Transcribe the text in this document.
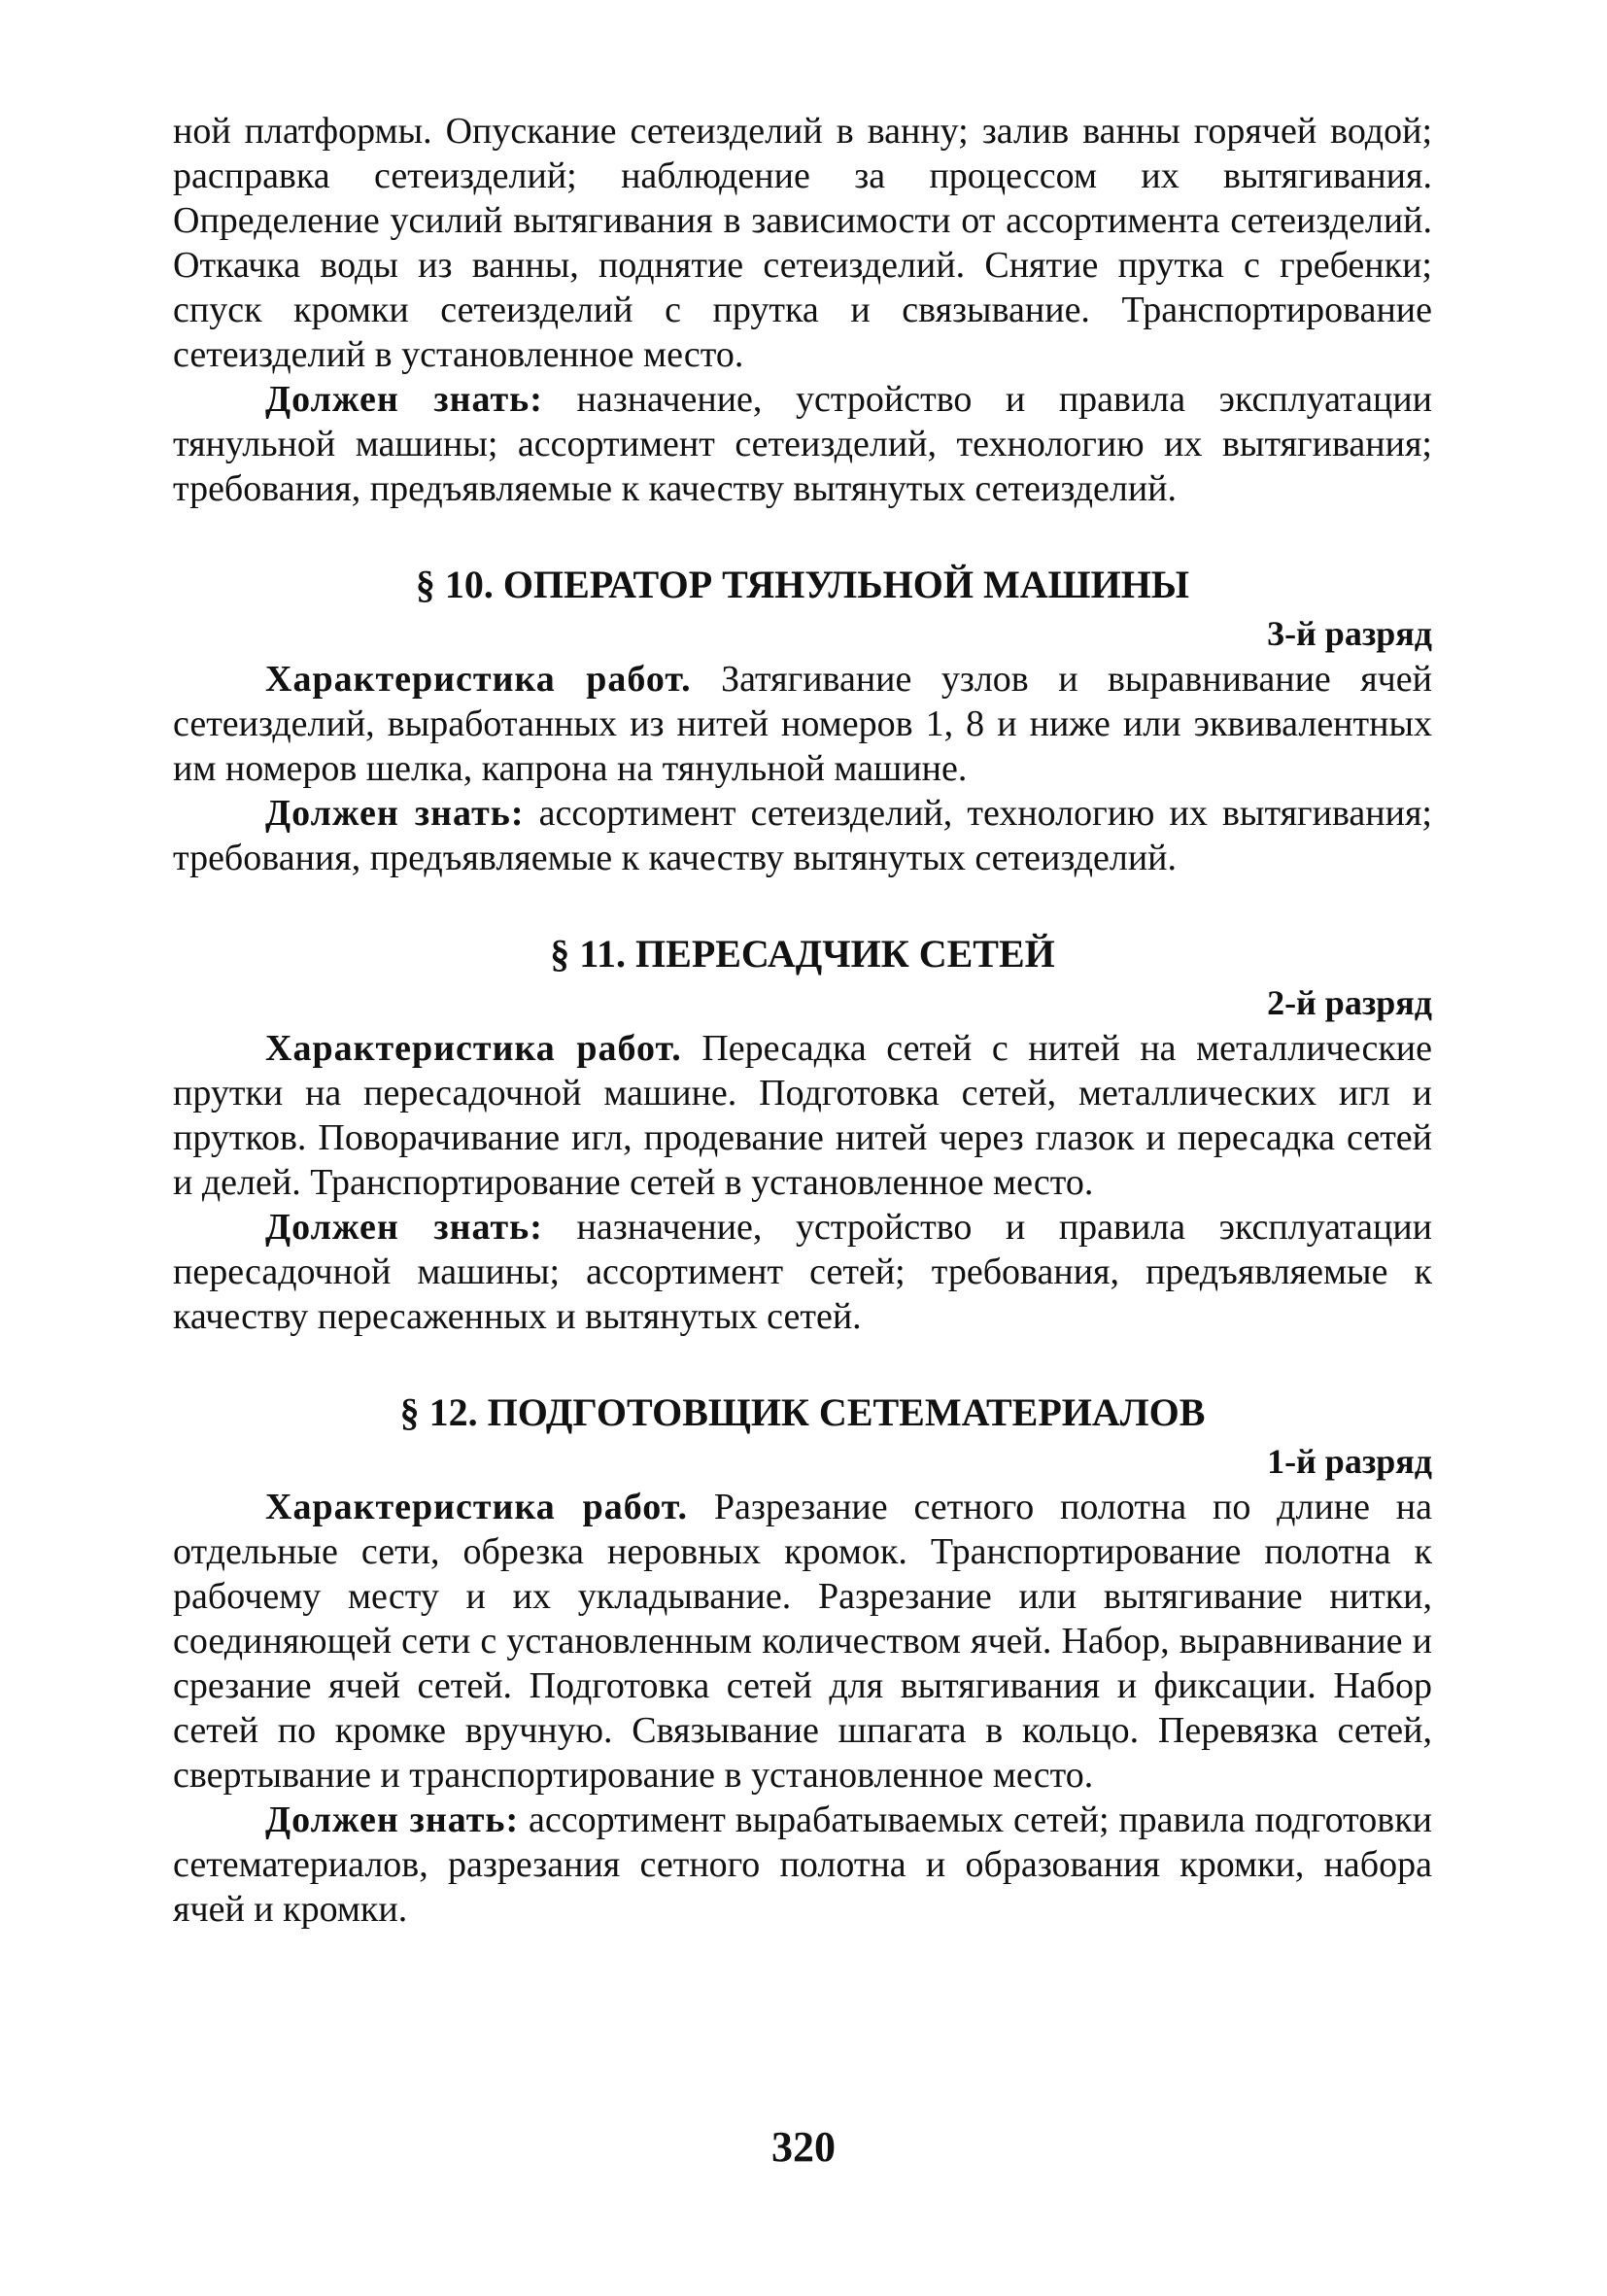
ной платформы. Опускание сетеизделий в ванну; залив ванны горячей водой; расправка сетеизделий; наблюдение за процессом их вытягивания. Определение усилий вытягивания в зависимости от ассортимента сетеизделий. Откачка воды из ванны, поднятие сетеизделий. Снятие прутка с гребенки; спуск кромки сетеизделий с прутка и связывание. Транспортирование сетеизделий в установленное место.

Должен знать: назначение, устройство и правила эксплуатации тянульной машины; ассортимент сетеизделий, технологию их вытягивания; требования, предъявляемые к качеству вытянутых сетеизделий.

§ 10. ОПЕРАТОР ТЯНУЛЬНОЙ МАШИНЫ
3-й разряд

Характеристика работ. Затягивание узлов и выравнивание ячей сетеизделий, выработанных из нитей номеров 1, 8 и ниже или эквивалентных им номеров шелка, капрона на тянульной машине.

Должен знать: ассортимент сетеизделий, технологию их вытягивания; требования, предъявляемые к качеству вытянутых сетеизделий.

§ 11. ПЕРЕСАДЧИК СЕТЕЙ
2-й разряд

Характеристика работ. Пересадка сетей с нитей на металлические прутки на пересадочной машине. Подготовка сетей, металлических игл и прутков. Поворачивание игл, продевание нитей через глазок и пересадка сетей и делей. Транспортирование сетей в установленное место.

Должен знать: назначение, устройство и правила эксплуатации пересадочной машины; ассортимент сетей; требования, предъявляемые к качеству пересаженных и вытянутых сетей.

§ 12. ПОДГОТОВЩИК СЕТЕМАТЕРИАЛОВ
1-й разряд

Характеристика работ. Разрезание сетного полотна по длине на отдельные сети, обрезка неровных кромок. Транспортирование полотна к рабочему месту и их укладывание. Разрезание или вытягивание нитки, соединяющей сети с установленным количеством ячей. Набор, выравнивание и срезание ячей сетей. Подготовка сетей для вытягивания и фиксации. Набор сетей по кромке вручную. Связывание шпагата в кольцо. Перевязка сетей, свертывание и транспортирование в установленное место.

Должен знать: ассортимент вырабатываемых сетей; правила подготовки сетематериалов, разрезания сетного полотна и образования кромки, набора ячей и кромки.

320
